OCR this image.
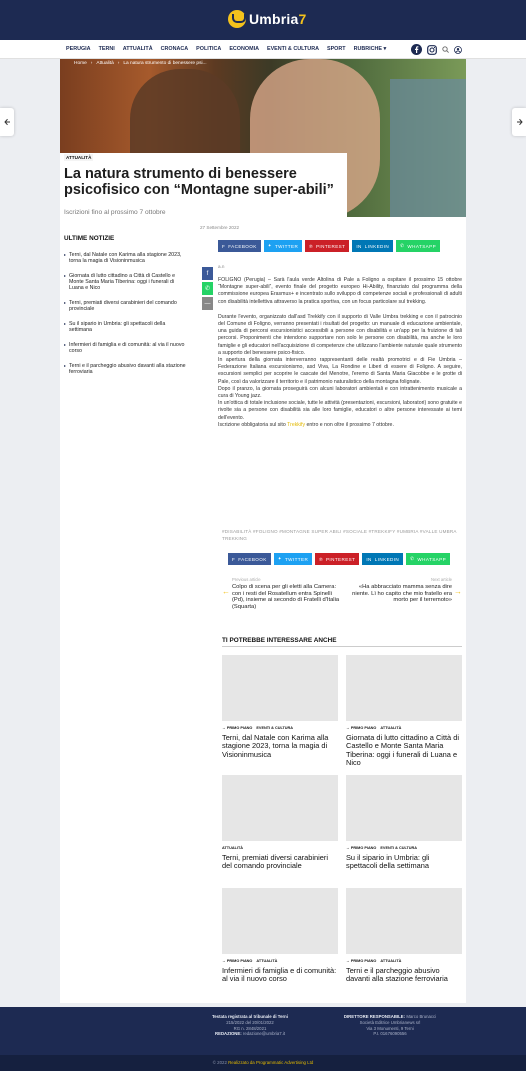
Umbria7
PERUGIA TERNI ATTUALITÀ CRONACA POLITICA ECONOMIA EVENTI & CULTURA SPORT RUBRICHE ▾
Home › Attualità › La natura strumento di benessere psi...
ATTUALITÀ
La natura strumento di benessere psicofisico con “Montagne super-abili”
Iscrizioni fino al prossimo 7 ottobre
27 Settembre 2022
ULTIME NOTIZIE
▸ Terni, dal Natale con Karima alla stagione 2023, torna la magia di Visioninmusica
▸ Giornata di lutto cittadino a Città di Castello e Monte Santa Maria Tiberina: oggi i funerali di Luana e Nico
▸ Terni, premiati diversi carabinieri del comando provinciale
▸ Su il sipario in Umbria: gli spettacoli della settimana
▸ Infermieri di famiglia e di comunità: al via il nuovo corso
▸ Terni e il parcheggio abusivo davanti alla stazione ferroviaria
F FACEBOOK ✦ TWITTER ℗ PINTEREST IN LINKEDIN ✆ WHATSAPP
f
✆
―
a.n

FOLIGNO (Perugia) – Sarà l'aula verde Altolina di Pale a Foligno a ospitare il prossimo 15 ottobre “Montagne super-abili”, evento finale del progetto europeo Hi-Ability, finanziato dal programma della commissione europea Erasmus+ e incentrato sullo sviluppo di competenze sociali e professionali di adulti con disabilità intellettiva attraverso la pratica sportiva, con un focus particolare sul trekking.

Durante l'evento, organizzato dall'asd Trekkify con il supporto di Valle Umbra trekking e con il patrocinio del Comune di Foligno, verranno presentati i risultati del progetto: un manuale di educazione ambientale, una guida di percorsi escursionistici accessibili a persone con disabilità e un'app per la fruizione di tali percorsi. Proponimenti che intendono supportare non solo le persone con disabilità, ma anche le loro famiglie e gli educatori nell'acquisizione di competenze che utilizzano l'ambiente naturale quale strumento a supporto del benessere psico-fisico.

In apertura della giornata interverranno rappresentanti delle realtà promotrici e di Fie Umbria – Federazione Italiana escursionismo, asd Viva, La Rondine e Liberi di essere di Foligno. A seguire, escursioni semplici per scoprire le cascate del Menotre, l'eremo di Santa Maria Giacobbe e le grotte di Pale, così da valorizzare il territorio e il patrimonio naturalistico della montagna folignate.

Dopo il pranzo, la giornata proseguirà con alcuni laboratori ambientali e con intrattenimento musicale a cura di Young jazz.

In un'ottica di totale inclusione sociale, tutte le attività (presentazioni, escursioni, laboratori) sono gratuite e rivolte sia a persone con disabilità sia alle loro famiglie, educatori o altre persone interessate ai temi dell'evento.

Iscrizione obbligatoria sul sito Trekkify entro e non oltre il prossimo 7 ottobre.

#DISABILITÀ #FOLIGNO #MONTAGNE SUPER ABILI #SOCIALE #TREKKIFY #UMBRIA #VALLE UMBRA TREKKING
F FACEBOOK ✦ TWITTER ℗ PINTEREST IN LINKEDIN ✆ WHATSAPP
←
Previous article
Colpo di scena per gli eletti alla Camera: con i resti del Rosatellum entra Spinelli (Pd), insieme ai secondo di Fratelli d'Italia (Squarta)
→
Next article
«Ha abbracciato mamma senza dire niente. Lì ho capito che mio fratello era morto per il terremoto»
TI POTREBBE INTERESSARE ANCHE
→ PRIMO PIANO EVENTI & CULTURA
Terni, dal Natale con Karima alla stagione 2023, torna la magia di Visioninmusica
→ PRIMO PIANO ATTUALITÀ
Giornata di lutto cittadino a Città di Castello e Monte Santa Maria Tiberina: oggi i funerali di Luana e Nico
ATTUALITÀ
Terni, premiati diversi carabinieri del comando provinciale
→ PRIMO PIANO EVENTI & CULTURA
Su il sipario in Umbria: gli spettacoli della settimana
→ PRIMO PIANO ATTUALITÀ
Infermieri di famiglia e di comunità: al via il nuovo corso
→ PRIMO PIANO ATTUALITÀ
Terni e il parcheggio abusivo davanti alla stazione ferroviaria
Testata registrata al tribunale di Terni
215/2022 del 20/01/2022
RG n. 2848/2021
REDAZIONE: redazione@umbria7.it
DIRETTORE RESPONSABILE: Marco Brunacci
Società Editrice Umbrianews srl
Via 3 Monumenti, 9 Terni
P.I. 01676090556
© 2022 Realizzato da Programmatic Advertising Ltd
